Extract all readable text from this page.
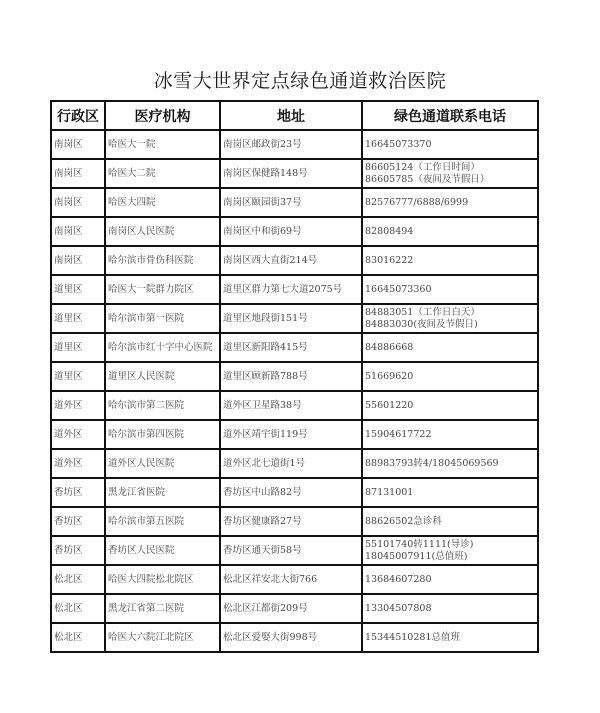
冰雪大世界定点绿色通道救治医院
行政区	医疗机构	地址	绿色通道联系电话
南岗区	哈医大一院	南岗区邮政街23号	16645073370

南岗区	哈医大二院	南岗区保健路148号	86605124（工作日时间）
86605785（夜间及节假日）

南岗区	哈医大四院	南岗区颐园街37号	82576777/6888/6999

南岗区	南岗区人民医院	南岗区中和街69号	82808494

南岗区	哈尔滨市骨伤科医院	南岗区西大直街214号	83016222

道里区	哈医大一院群力院区	道里区群力第七大道2075号	16645073360

道里区	哈尔滨市第一医院	道里区地段街151号	84883051（工作日白天）
84883030(夜间及节假日)

道里区	哈尔滨市红十字中心医院	道里区新阳路415号	84886668

道里区	道里区人民医院	道里区顾新路788号	51669620

道外区	哈尔滨市第二医院	道外区卫星路38号	55601220

道外区	哈尔滨市第四医院	道外区靖宇街119号	15904617722

道外区	道外区人民医院	道外区北七道街1号	88983793转4/18045069569

香坊区	黑龙江省医院	香坊区中山路82号	87131001

香坊区	哈尔滨市第五医院	香坊区健康路27号	88626502急诊科

香坊区	香坊区人民医院	香坊区通天街58号	55101740转1111(导诊)
18045007911(总值班)

松北区	哈医大四院松北院区	松北区祥安北大街766	13684607280

松北区	黑龙江省第二医院	松北区江都街209号	13304507808

松北区	哈医大六院江北院区	松北区爱娶大街998号	15344510281总值班
